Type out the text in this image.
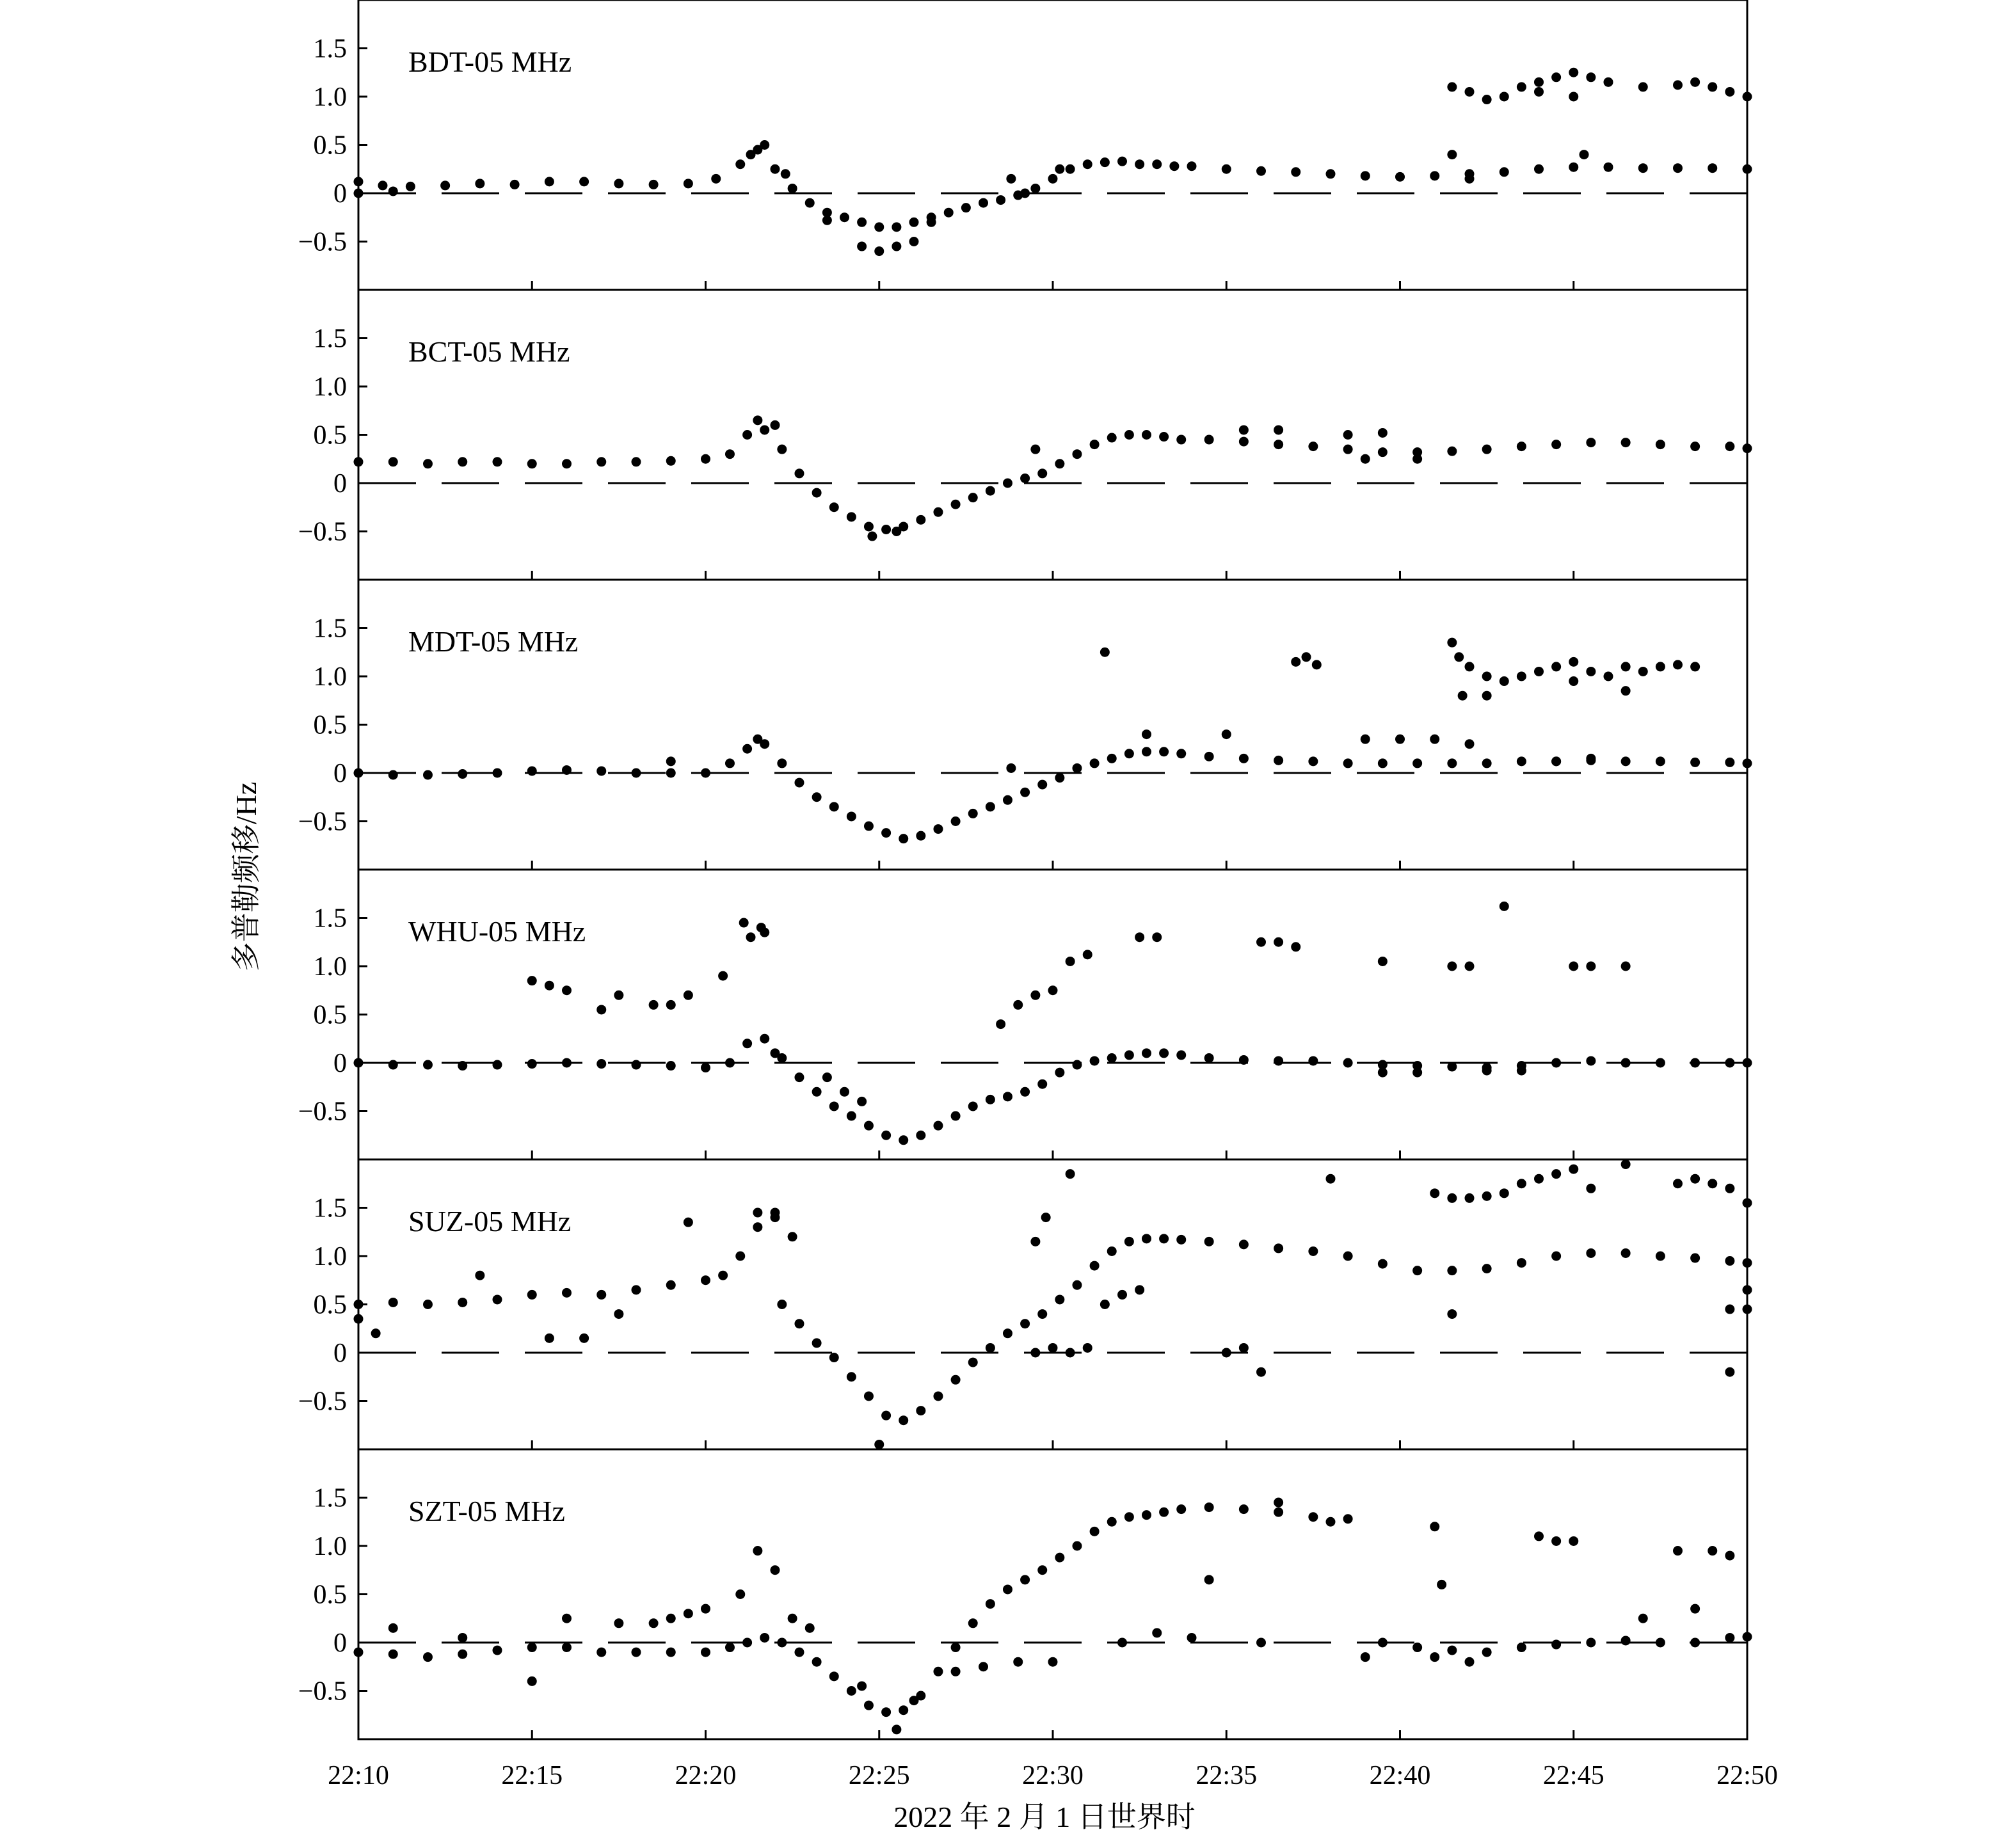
−0.5
0
0.5
1.0
1.5 BDT-05 MHz
−0.5
0
0.5
1.0
1.5 BCT-05 MHz
−0.5
0
0.5
1.0
1.5 MDT-05 MHz
−0.5
0
0.5
1.0
1.5 WHU-05 MHz
−0.5
0
0.5
1.0
1.5 SUZ-05 MHz
−0.5
0
0.5
1.0
1.5 SZT-05 MHz
22:10	22:15	22:20	22:25	22:30	22:35	22:40	22:45	22:50
2022 年 2 月 1 日世界时
多普勒频移/Hz
